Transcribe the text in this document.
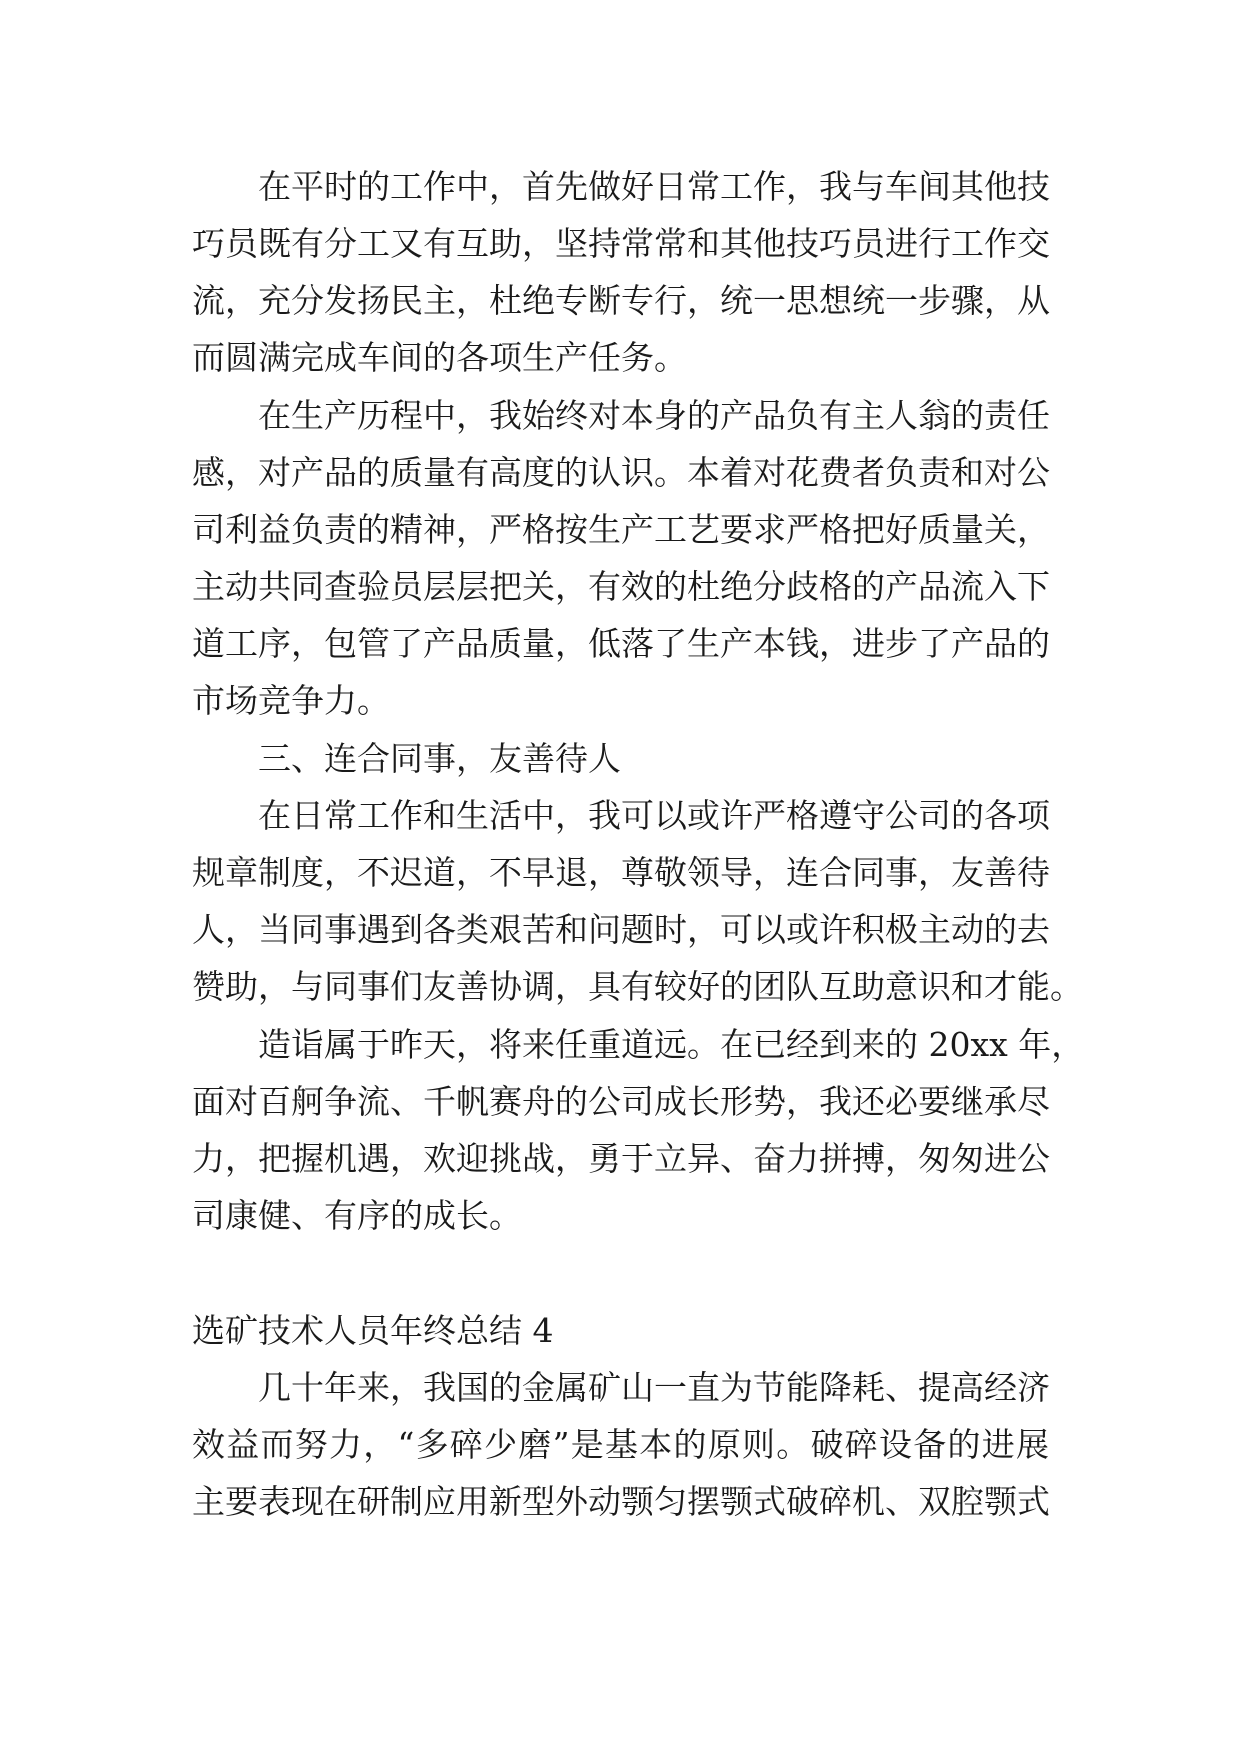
在平时的工作中，首先做好日常工作，我与车间其他技
巧员既有分工又有互助，坚持常常和其他技巧员进行工作交
流，充分发扬民主，杜绝专断专行，统一思想统一步骤，从
而圆满完成车间的各项生产任务。
在生产历程中，我始终对本身的产品负有主人翁的责任
感，对产品的质量有高度的认识。本着对花费者负责和对公
司利益负责的精神，严格按生产工艺要求严格把好质量关，
主动共同查验员层层把关，有效的杜绝分歧格的产品流入下
道工序，包管了产品质量，低落了生产本钱，进步了产品的
市场竞争力。
三、连合同事，友善待人
在日常工作和生活中，我可以或许严格遵守公司的各项
规章制度，不迟道，不早退，尊敬领导，连合同事，友善待
人，当同事遇到各类艰苦和问题时，可以或许积极主动的去
赞助，与同事们友善协调，具有较好的团队互助意识和才能。
造诣属于昨天，将来任重道远。在已经到来的 20xx 年，
面对百舸争流、千帆赛舟的公司成长形势，我还必要继承尽
力，把握机遇，欢迎挑战，勇于立异、奋力拼搏，匆匆进公
司康健、有序的成长。
选矿技术人员年终总结 4
几十年来，我国的金属矿山一直为节能降耗、提高经济
效益而努力，“多碎少磨”是基本的原则。破碎设备的进展
主要表现在研制应用新型外动颚匀摆颚式破碎机、双腔颚式
